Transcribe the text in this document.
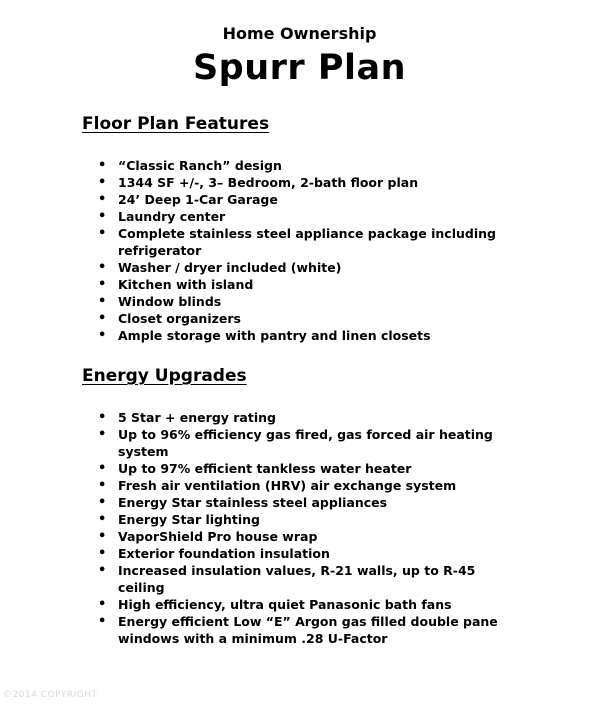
Home Ownership
Spurr Plan
Floor Plan Features
• “Classic Ranch” design
• 1344 SF +/-, 3– Bedroom, 2-bath floor plan
• 24’ Deep 1-Car Garage
• Laundry center
• Complete stainless steel appliance package including refrigerator
• Washer / dryer included (white)
• Kitchen with island
• Window blinds
• Closet organizers
• Ample storage with pantry and linen closets
Energy Upgrades
• 5 Star + energy rating
• Up to 96% efficiency gas fired, gas forced air heating system
• Up to 97% efficient tankless water heater
• Fresh air ventilation (HRV) air exchange system
• Energy Star stainless steel appliances
• Energy Star lighting
• VaporShield Pro house wrap
• Exterior foundation insulation
• Increased insulation values, R-21 walls, up to R-45 ceiling
• High efficiency, ultra quiet Panasonic bath fans
• Energy efficient Low “E” Argon gas filled double pane windows with a minimum .28 U-Factor
©2014 COPYRIGHT
